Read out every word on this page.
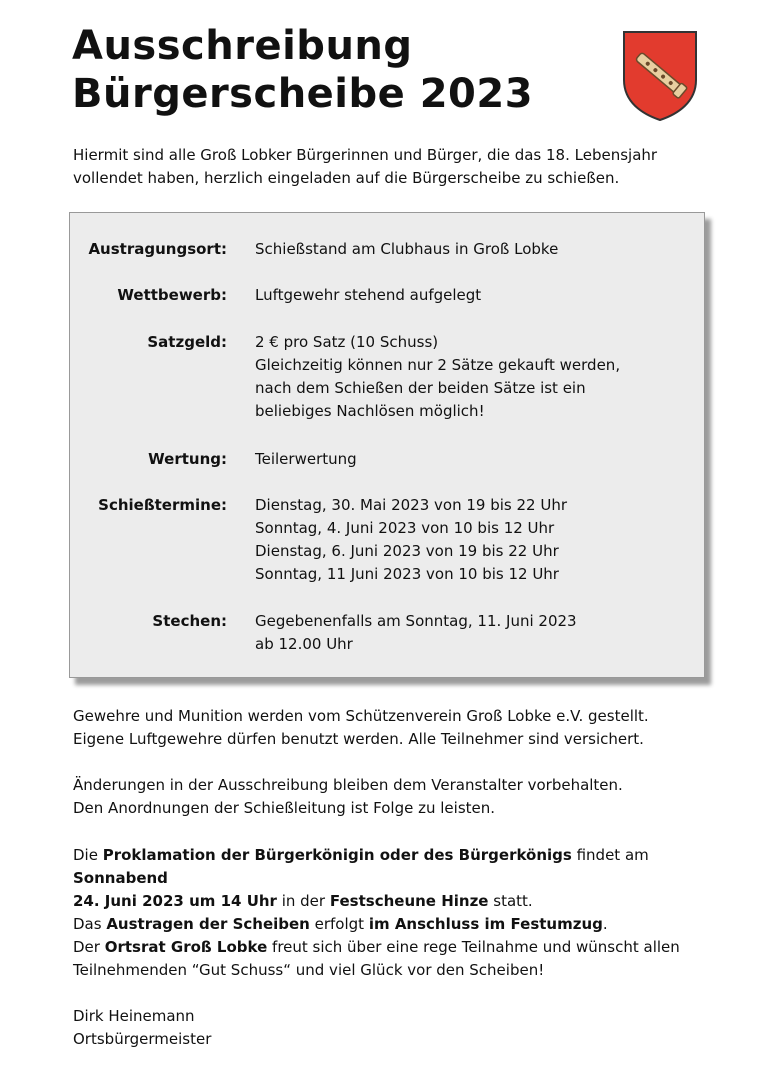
Ausschreibung
Bürgerscheibe 2023
Hiermit sind alle Groß Lobker Bürgerinnen und Bürger, die das 18. Lebensjahr
vollendet haben, herzlich eingeladen auf die Bürgerscheibe zu schießen.
Austragungsort: Schießstand am Clubhaus in Groß Lobke
Wettbewerb: Luftgewehr stehend aufgelegt
Satzgeld: 2 € pro Satz (10 Schuss)
Gleichzeitig können nur 2 Sätze gekauft werden,
nach dem Schießen der beiden Sätze ist ein
beliebiges Nachlösen möglich!
Wertung: Teilerwertung
Schießtermine: Dienstag, 30. Mai 2023 von 19 bis 22 Uhr
Sonntag, 4. Juni 2023 von 10 bis 12 Uhr
Dienstag, 6. Juni 2023 von 19 bis 22 Uhr
Sonntag, 11 Juni 2023 von 10 bis 12 Uhr
Stechen: Gegebenenfalls am Sonntag, 11. Juni 2023
ab 12.00 Uhr
Gewehre und Munition werden vom Schützenverein Groß Lobke e.V. gestellt.
Eigene Luftgewehre dürfen benutzt werden. Alle Teilnehmer sind versichert.
Änderungen in der Ausschreibung bleiben dem Veranstalter vorbehalten.
Den Anordnungen der Schießleitung ist Folge zu leisten.
Die Proklamation der Bürgerkönigin oder des Bürgerkönigs findet am Sonnabend
24. Juni 2023 um 14 Uhr in der Festscheune Hinze statt.
Das Austragen der Scheiben erfolgt im Anschluss im Festumzug.
Der Ortsrat Groß Lobke freut sich über eine rege Teilnahme und wünscht allen
Teilnehmenden “Gut Schuss“ und viel Glück vor den Scheiben!
Dirk Heinemann
Ortsbürgermeister
